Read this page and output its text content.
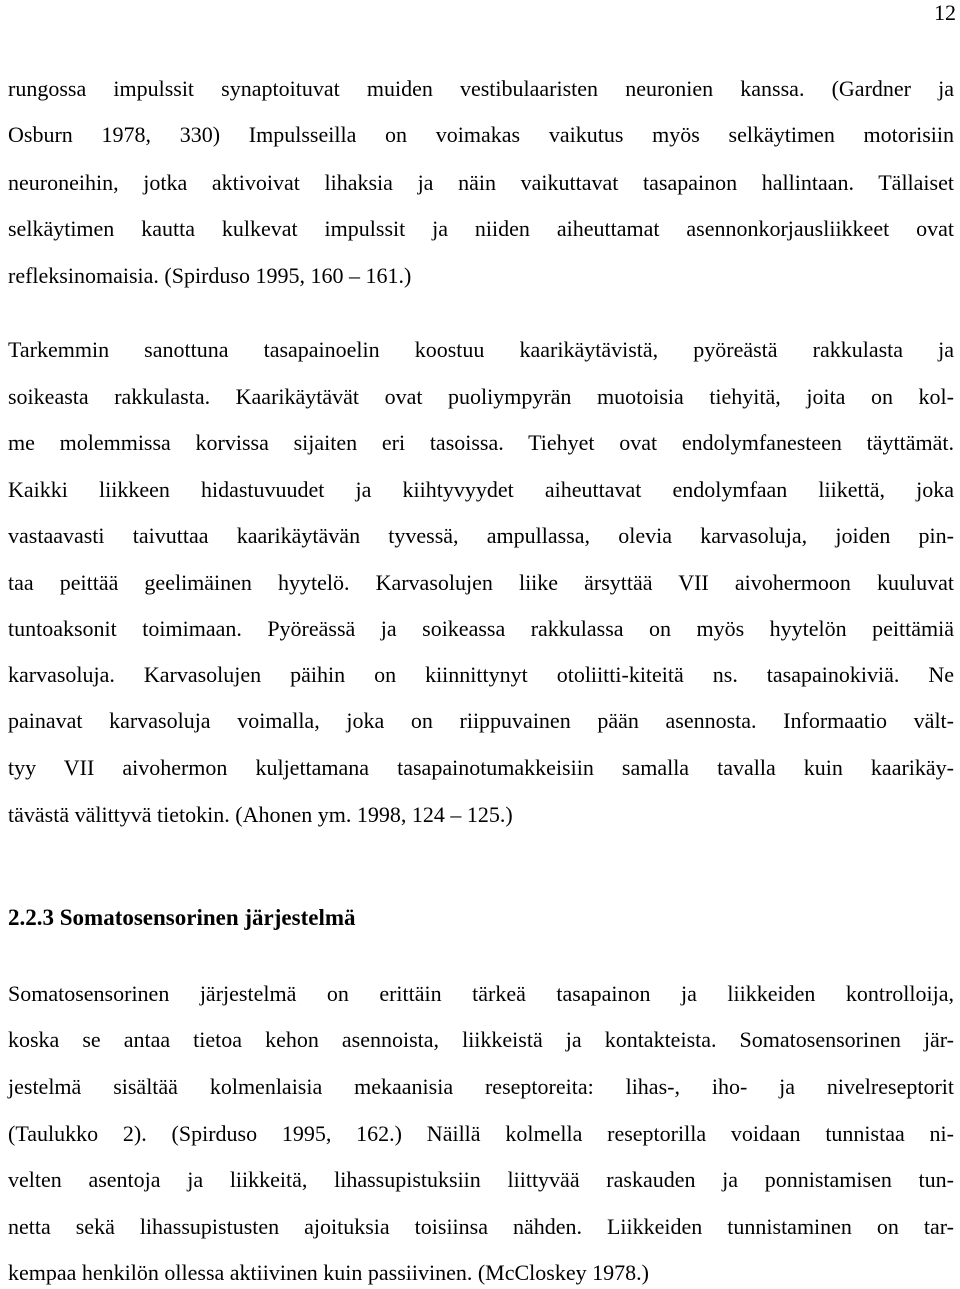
12
rungossa impulssit synaptoituvat muiden vestibulaaristen neuronien kanssa. (Gardner ja
Osburn 1978, 330) Impulsseilla on voimakas vaikutus myös selkäytimen motorisiin
neuroneihin, jotka aktivoivat lihaksia ja näin vaikuttavat tasapainon hallintaan. Tällaiset
selkäytimen kautta kulkevat impulssit ja niiden aiheuttamat asennonkorjausliikkeet ovat
refleksinomaisia. (Spirduso 1995, 160 – 161.)
Tarkemmin sanottuna tasapainoelin koostuu kaarikäytävistä, pyöreästä rakkulasta ja
soikeasta rakkulasta. Kaarikäytävät ovat puoliympyrän muotoisia tiehyitä, joita on kol-
me molemmissa korvissa sijaiten eri tasoissa. Tiehyet ovat endolymfanesteen täyttämät.
Kaikki liikkeen hidastuvuudet ja kiihtyvyydet aiheuttavat endolymfaan liikettä, joka
vastaavasti taivuttaa kaarikäytävän tyvessä, ampullassa, olevia karvasoluja, joiden pin-
taa peittää geelimäinen hyytelö. Karvasolujen liike ärsyttää VII aivohermoon kuuluvat
tuntoaksonit toimimaan. Pyöreässä ja soikeassa rakkulassa on myös hyytelön peittämiä
karvasoluja. Karvasolujen päihin on kiinnittynyt otoliitti-kiteitä ns. tasapainokiviä. Ne
painavat karvasoluja voimalla, joka on riippuvainen pään asennosta. Informaatio vält-
tyy VII aivohermon kuljettamana tasapainotumakkeisiin samalla tavalla kuin kaarikäy-
tävästä välittyvä tietokin. (Ahonen ym. 1998, 124 – 125.)
2.2.3 Somatosensorinen järjestelmä
Somatosensorinen järjestelmä on erittäin tärkeä tasapainon ja liikkeiden kontrolloija,
koska se antaa tietoa kehon asennoista, liikkeistä ja kontakteista. Somatosensorinen jär-
jestelmä sisältää kolmenlaisia mekaanisia reseptoreita: lihas-, iho- ja nivelreseptorit
(Taulukko 2). (Spirduso 1995, 162.) Näillä kolmella reseptorilla voidaan tunnistaa ni-
velten asentoja ja liikkeitä, lihassupistuksiin liittyvää raskauden ja ponnistamisen tun-
netta sekä lihassupistusten ajoituksia toisiinsa nähden. Liikkeiden tunnistaminen on tar-
kempaa henkilön ollessa aktiivinen kuin passiivinen. (McCloskey 1978.)
